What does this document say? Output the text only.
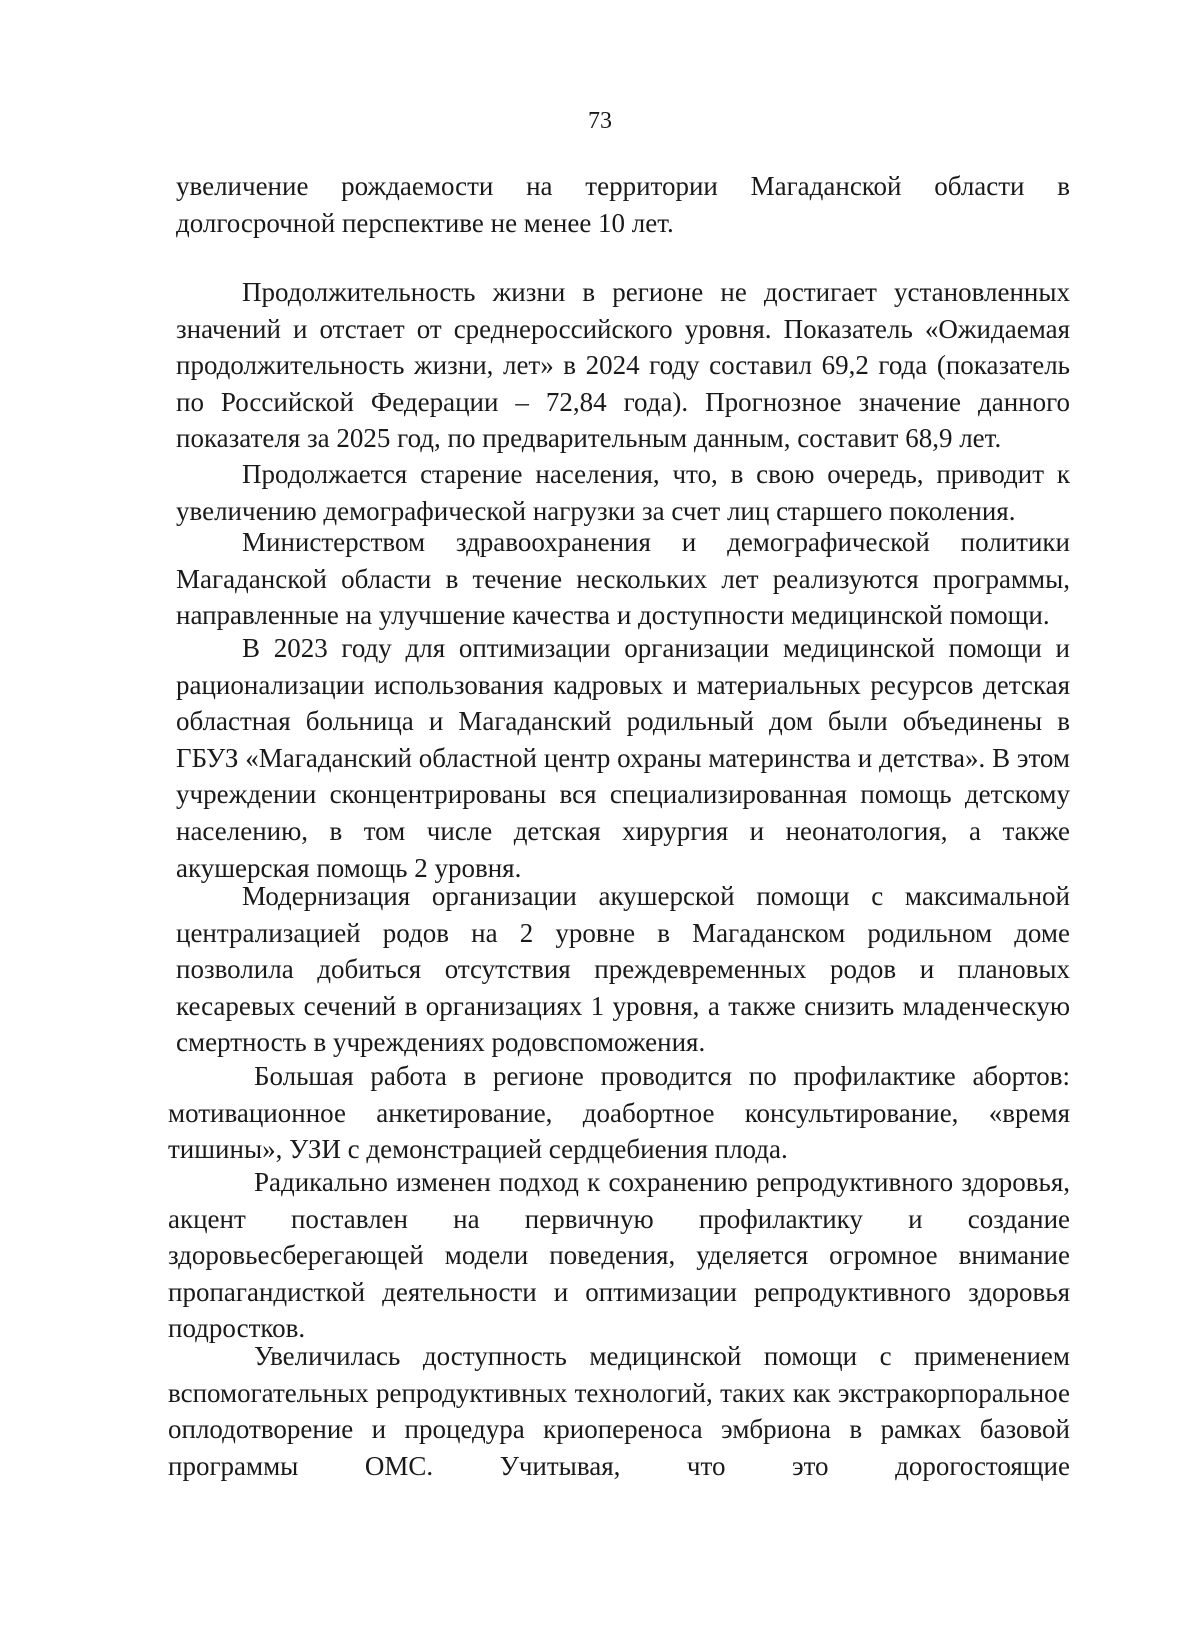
73

увеличение рождаемости на территории Магаданской области в долгосрочной перспективе не менее 10 лет.

Продолжительность жизни в регионе не достигает установленных значений и отстает от среднероссийского уровня. Показатель «Ожидаемая продолжительность жизни, лет» в 2024 году составил 69,2 года (показатель по Российской Федерации – 72,84 года). Прогнозное значение данного показателя за 2025 год, по предварительным данным, составит 68,9 лет.

Продолжается старение населения, что, в свою очередь, приводит к увеличению демографической нагрузки за счет лиц старшего поколения.

Министерством здравоохранения и демографической политики Магаданской области в течение нескольких лет реализуются программы, направленные на улучшение качества и доступности медицинской помощи.

В 2023 году для оптимизации организации медицинской помощи и рационализации использования кадровых и материальных ресурсов детская областная больница и Магаданский родильный дом были объединены в ГБУЗ «Магаданский областной центр охраны материнства и детства». В этом учреждении сконцентрированы вся специализированная помощь детскому населению, в том числе детская хирургия и неонатология, а также акушерская помощь 2 уровня.

Модернизация организации акушерской помощи с максимальной централизацией родов на 2 уровне в Магаданском родильном доме позволила добиться отсутствия преждевременных родов и плановых кесаревых сечений в организациях 1 уровня, а также снизить младенческую смертность в учреждениях родовспоможения.

Большая работа в регионе проводится по профилактике абортов: мотивационное анкетирование, доабортное консультирование, «время тишины», УЗИ с демонстрацией сердцебиения плода.

Радикально изменен подход к сохранению репродуктивного здоровья, акцент поставлен на первичную профилактику и создание здоровьесберегающей модели поведения, уделяется огромное внимание пропагандисткой деятельности и оптимизации репродуктивного здоровья подростков.

Увеличилась доступность медицинской помощи с применением вспомогательных репродуктивных технологий, таких как экстракорпоральное оплодотворение и процедура криопереноса эмбриона в рамках базовой программы ОМС. Учитывая, что это дорогостоящие
